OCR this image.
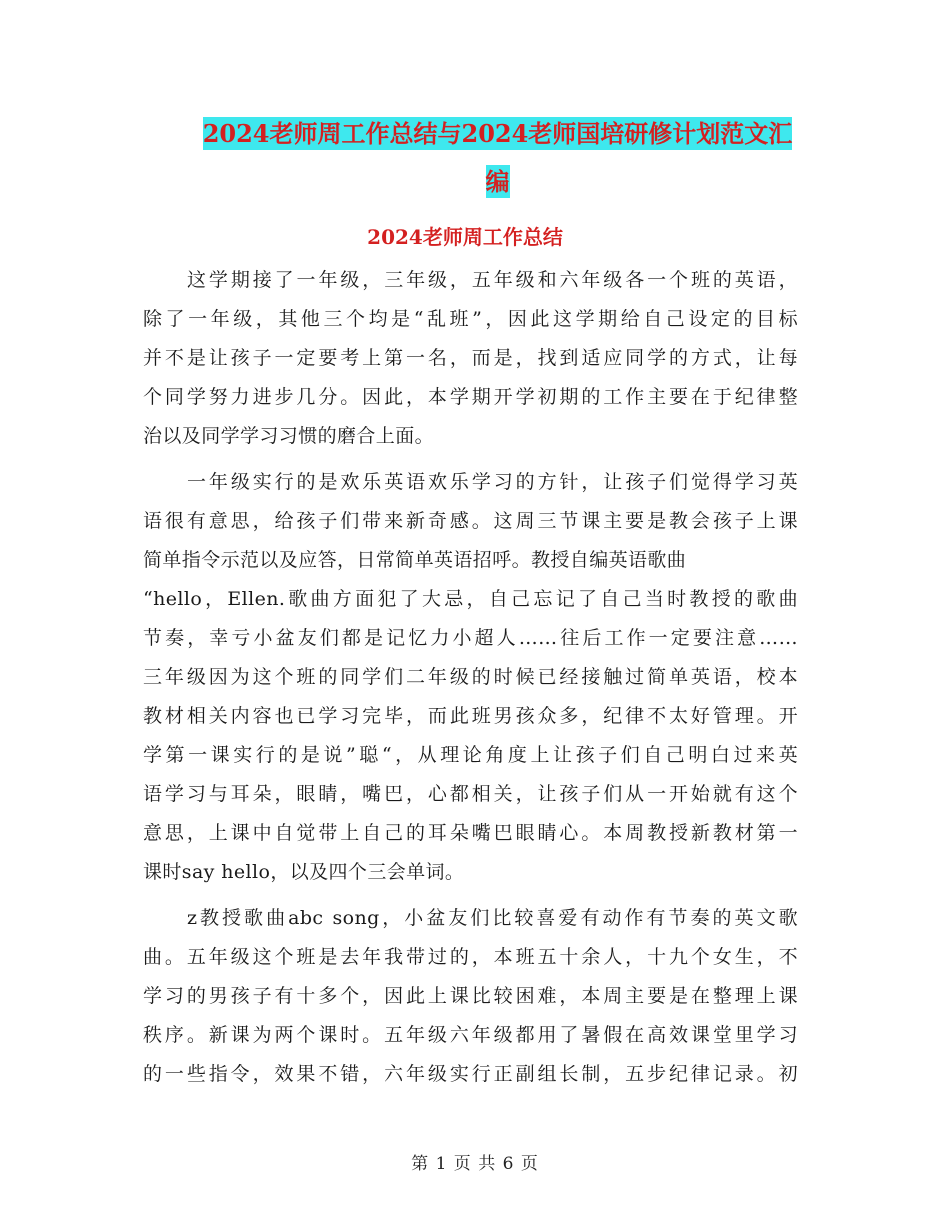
2024老师周工作总结与2024老师国培研修计划范文汇
编
2024老师周工作总结
这学期接了一年级，三年级，五年级和六年级各一个班的英语，
除了一年级，其他三个均是“乱班”，因此这学期给自己设定的目标
并不是让孩子一定要考上第一名，而是，找到适应同学的方式，让每
个同学努力进步几分。因此，本学期开学初期的工作主要在于纪律整
治以及同学学习习惯的磨合上面。
一年级实行的是欢乐英语欢乐学习的方针，让孩子们觉得学习英
语很有意思，给孩子们带来新奇感。这周三节课主要是教会孩子上课
简单指令示范以及应答，日常简单英语招呼。教授自编英语歌曲
“hello，Ellen.歌曲方面犯了大忌，自己忘记了自己当时教授的歌曲
节奏，幸亏小盆友们都是记忆力小超人……往后工作一定要注意……
三年级因为这个班的同学们二年级的时候已经接触过简单英语，校本
教材相关内容也已学习完毕，而此班男孩众多，纪律不太好管理。开
学第一课实行的是说”聪“，从理论角度上让孩子们自己明白过来英
语学习与耳朵，眼睛，嘴巴，心都相关，让孩子们从一开始就有这个
意思，上课中自觉带上自己的耳朵嘴巴眼睛心。本周教授新教材第一
课时say hello，以及四个三会单词。
z教授歌曲abc song，小盆友们比较喜爱有动作有节奏的英文歌
曲。五年级这个班是去年我带过的，本班五十余人，十九个女生，不
学习的男孩子有十多个，因此上课比较困难，本周主要是在整理上课
秩序。新课为两个课时。五年级六年级都用了暑假在高效课堂里学习
的一些指令，效果不错，六年级实行正副组长制，五步纪律记录。初
第 1 页 共 6 页
